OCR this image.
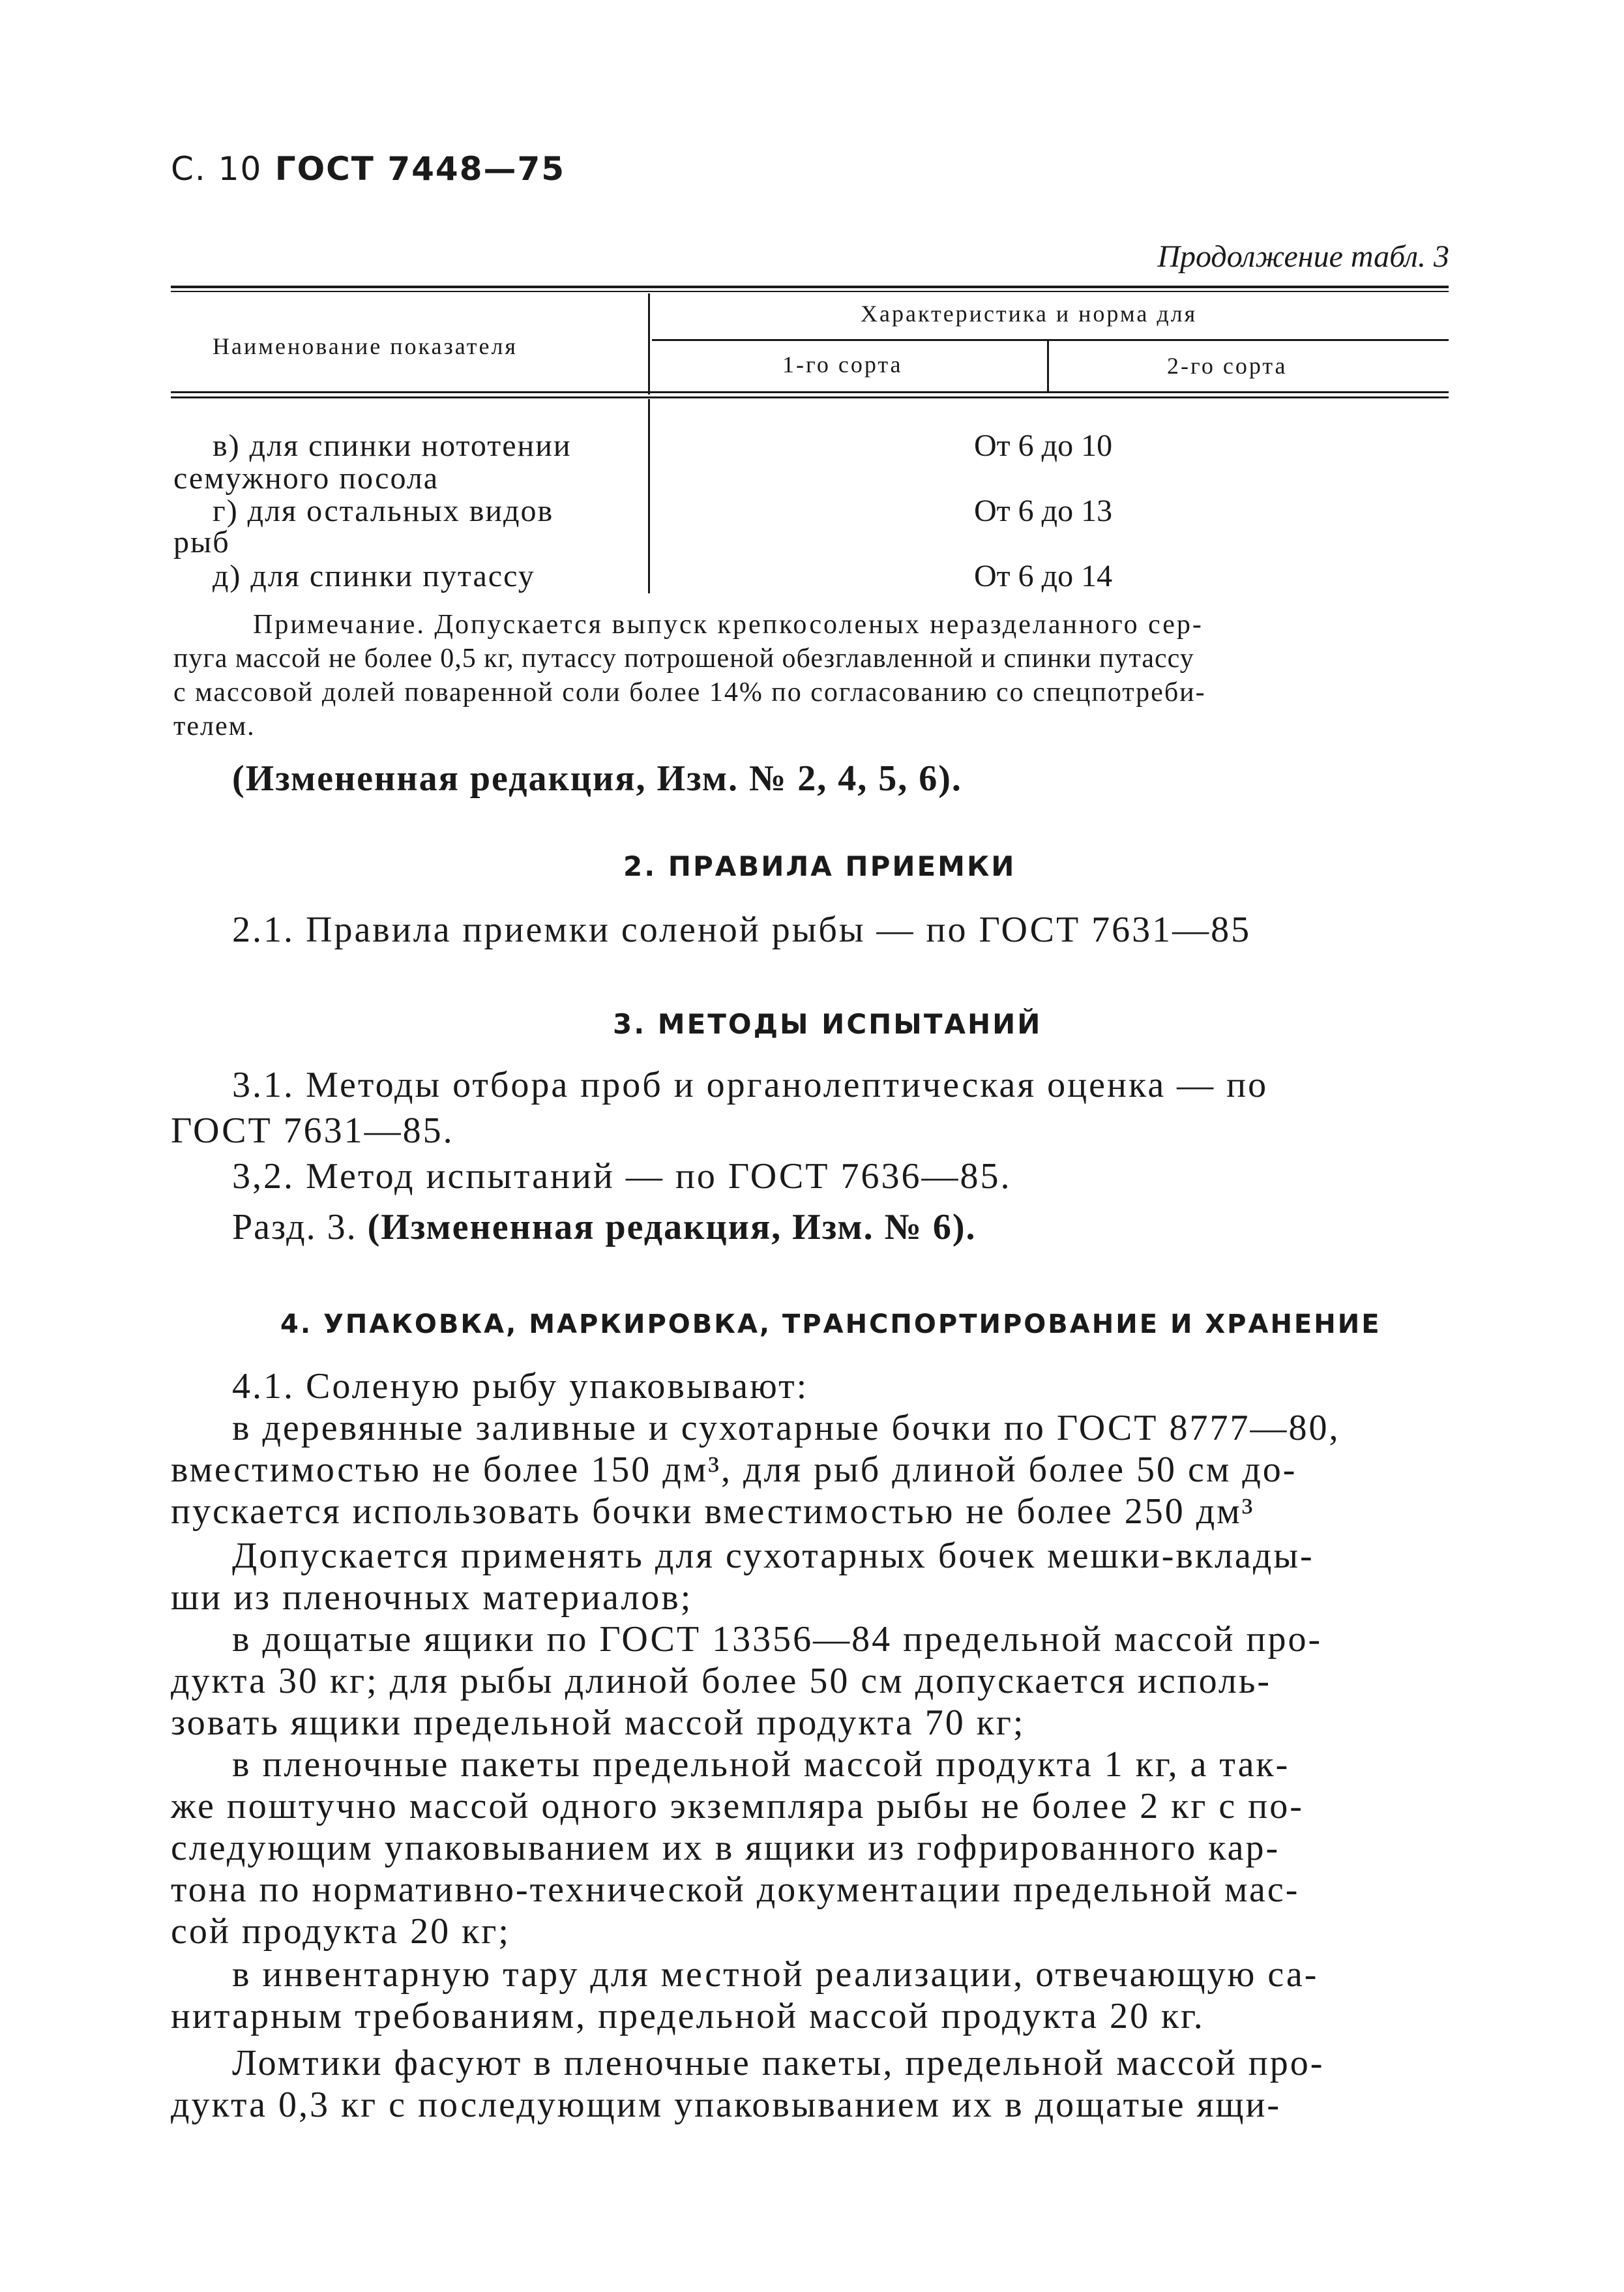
С. 10 ГОСТ 7448—75
Продолжение табл. 3
Наименование показателя
Характеристика и норма для
1-го сорта	2-го сорта
в) для спинки нототении
семужного посола
От 6 до 10
г) для остальных видов
рыб
От 6 до 13
д) для спинки путассу	От 6 до 14
Примечание. Допускается выпуск крепкосоленых неразделанного сер-
пуга массой не более 0,5 кг, путассу потрошеной обезглавленной и спинки путассу
с массовой долей поваренной соли более 14% по согласованию со спецпотреби-
телем.
(Измененная редакция, Изм. № 2, 4, 5, 6).
2. ПРАВИЛА ПРИЕМКИ
2.1. Правила приемки соленой рыбы — по ГОСТ 7631—85
3. МЕТОДЫ ИСПЫТАНИЙ
3.1. Методы отбора проб и органолептическая оценка — по
ГОСТ 7631—85.
3,2. Метод испытаний — по ГОСТ 7636—85.
Разд. 3. (Измененная редакция, Изм. № 6).
4. УПАКОВКА, МАРКИРОВКА, ТРАНСПОРТИРОВАНИЕ И ХРАНЕНИЕ
4.1. Соленую рыбу упаковывают:
в деревянные заливные и сухотарные бочки по ГОСТ 8777—80,
вместимостью не более 150 дм³, для рыб длиной более 50 см до-
пускается использовать бочки вместимостью не более 250 дм³
Допускается применять для сухотарных бочек мешки-вклады-
ши из пленочных материалов;
в дощатые ящики по ГОСТ 13356—84 предельной массой про-
дукта 30 кг; для рыбы длиной более 50 см допускается исполь-
зовать ящики предельной массой продукта 70 кг;
в пленочные пакеты предельной массой продукта 1 кг, а так-
же поштучно массой одного экземпляра рыбы не более 2 кг с по-
следующим упаковыванием их в ящики из гофрированного кар-
тона по нормативно-технической документации предельной мас-
сой продукта 20 кг;
в инвентарную тару для местной реализации, отвечающую са-
нитарным требованиям, предельной массой продукта 20 кг.
Ломтики фасуют в пленочные пакеты, предельной массой про-
дукта 0,3 кг с последующим упаковыванием их в дощатые ящи-
